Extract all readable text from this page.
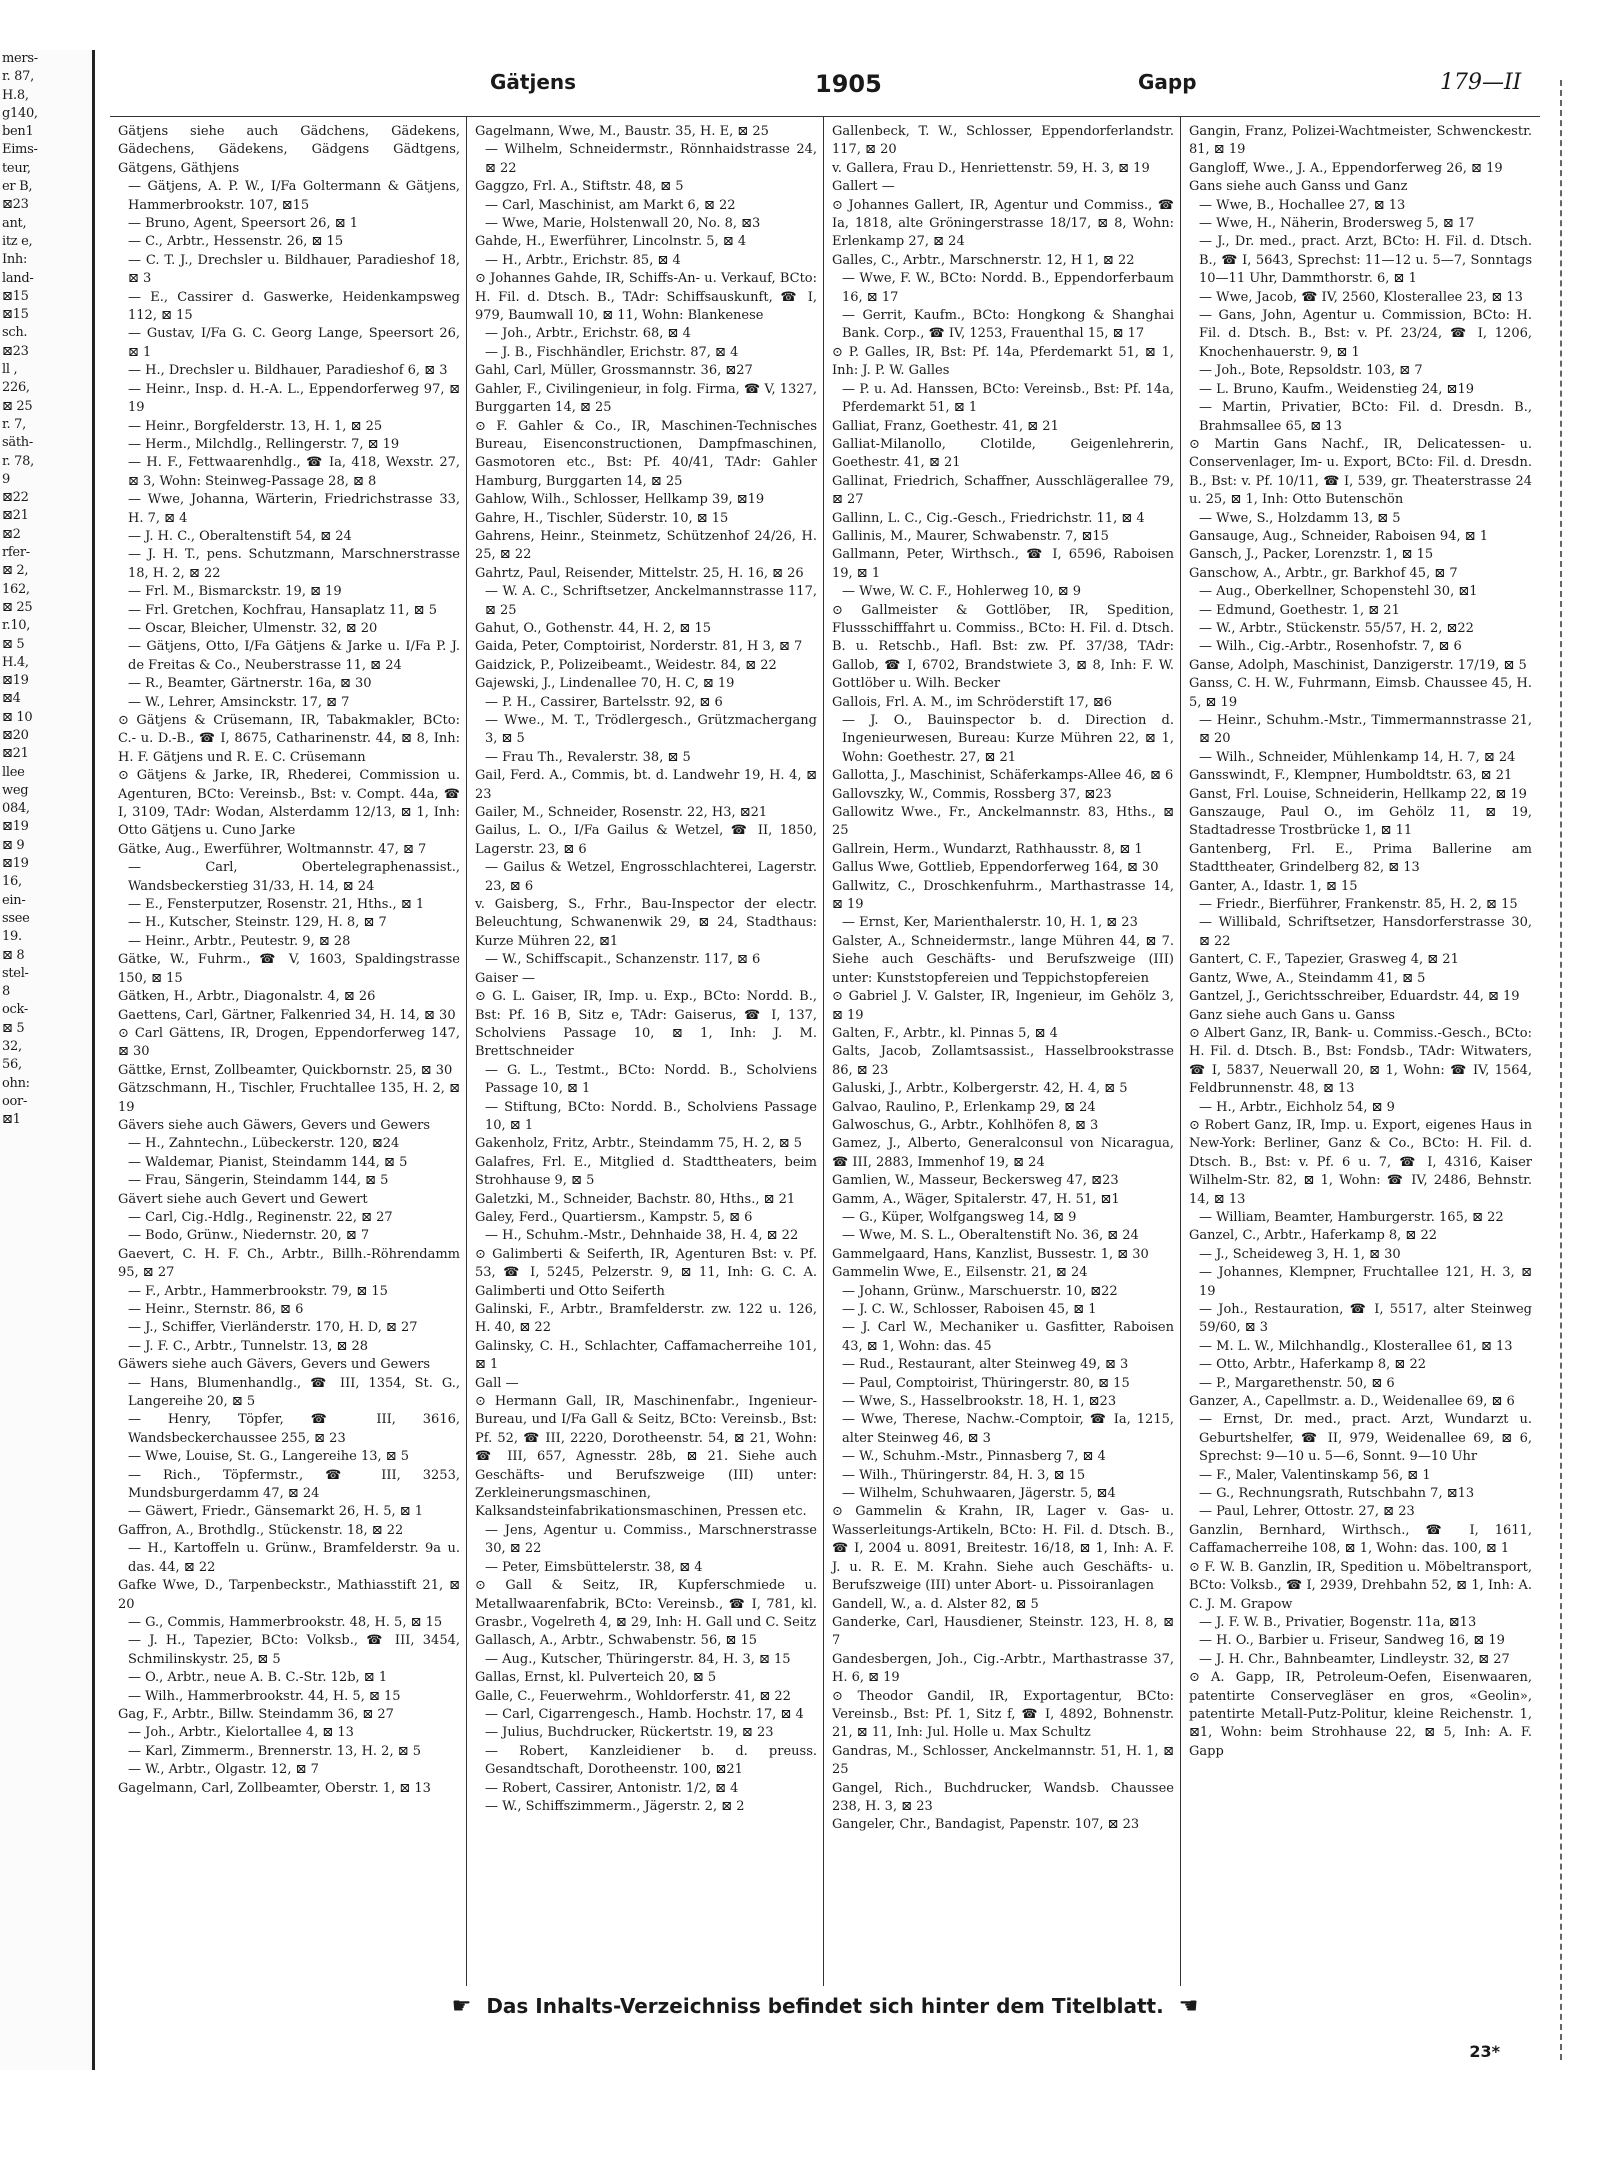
mers-
r. 87,
H.8,
g140,
ben1
Eims-
teur,
er B,
⊠23
ant,
itz e,
Inh:
land-
⊠15
⊠15
sch.
⊠23
ll ,
226,
⊠ 25
r. 7,
säth-
r. 78,
9
⊠22
⊠21
⊠2
rfer-
⊠ 2,
162,
⊠ 25
r.10,
⊠ 5
H.4,
⊠19
⊠4
⊠ 10
⊠20
⊠21
llee
weg
084,
⊠19
⊠ 9
⊠19
16,
ein-
ssee
19.
⊠ 8
stel-
8
ock-
⊠ 5
32,
56,
ohn:
oor-
⊠1
Gätjens	1905	Gapp	179—II
Gätjens siehe auch Gädchens, Gädekens, Gädechens, Gädekens, Gädgens Gädtgens, Gätgens, Gäthjens
— Gätjens, A. P. W., I/Fa Goltermann & Gätjens, Hammerbrookstr. 107, ⊠15
— Bruno, Agent, Speersort 26, ⊠ 1
— C., Arbtr., Hessenstr. 26, ⊠ 15
— C. T. J., Drechsler u. Bildhauer, Paradieshof 18, ⊠ 3
— E., Cassirer d. Gaswerke, Heidenkampsweg 112, ⊠ 15
— Gustav, I/Fa G. C. Georg Lange, Speersort 26, ⊠ 1
— H., Drechsler u. Bildhauer, Paradieshof 6, ⊠ 3
— Heinr., Insp. d. H.-A. L., Eppendorferweg 97, ⊠ 19
— Heinr., Borgfelderstr. 13, H. 1, ⊠ 25
— Herm., Milchdlg., Rellingerstr. 7, ⊠ 19
— H. F., Fettwaarenhdlg., ☎ Ia, 418, Wexstr. 27, ⊠ 3, Wohn: Steinweg-Passage 28, ⊠ 8
— Wwe, Johanna, Wärterin, Friedrichstrasse 33, H. 7, ⊠ 4
— J. H. C., Oberaltenstift 54, ⊠ 24
— J. H. T., pens. Schutzmann, Marschnerstrasse 18, H. 2, ⊠ 22
— Frl. M., Bismarckstr. 19, ⊠ 19
— Frl. Gretchen, Kochfrau, Hansaplatz 11, ⊠ 5
— Oscar, Bleicher, Ulmenstr. 32, ⊠ 20
— Gätjens, Otto, I/Fa Gätjens & Jarke u. I/Fa P. J. de Freitas & Co., Neuberstrasse 11, ⊠ 24
— R., Beamter, Gärtnerstr. 16a, ⊠ 30
— W., Lehrer, Amsinckstr. 17, ⊠ 7
⊙ Gätjens & Crüsemann, IR, Tabakmakler, BCto: C.- u. D.-B., ☎ I, 8675, Catharinenstr. 44, ⊠ 8, Inh: H. F. Gätjens und R. E. C. Crüsemann
⊙ Gätjens & Jarke, IR, Rhederei, Commission u. Agenturen, BCto: Vereinsb., Bst: v. Compt. 44a, ☎ I, 3109, TAdr: Wodan, Alsterdamm 12/13, ⊠ 1, Inh: Otto Gätjens u. Cuno Jarke
Gätke, Aug., Ewerführer, Woltmannstr. 47, ⊠ 7
— Carl, Obertelegraphenassist., Wandsbeckerstieg 31/33, H. 14, ⊠ 24
— E., Fensterputzer, Rosenstr. 21, Hths., ⊠ 1
— H., Kutscher, Steinstr. 129, H. 8, ⊠ 7
— Heinr., Arbtr., Peutestr. 9, ⊠ 28
Gätke, W., Fuhrm., ☎ V, 1603, Spaldingstrasse 150, ⊠ 15
Gätken, H., Arbtr., Diagonalstr. 4, ⊠ 26
Gaettens, Carl, Gärtner, Falkenried 34, H. 14, ⊠ 30
⊙ Carl Gättens, IR, Drogen, Eppendorferweg 147, ⊠ 30
Gättke, Ernst, Zollbeamter, Quickbornstr. 25, ⊠ 30
Gätzschmann, H., Tischler, Fruchtallee 135, H. 2, ⊠ 19
Gävers siehe auch Gäwers, Gevers und Gewers
— H., Zahntechn., Lübeckerstr. 120, ⊠24
— Waldemar, Pianist, Steindamm 144, ⊠ 5
— Frau, Sängerin, Steindamm 144, ⊠ 5
Gävert siehe auch Gevert und Gewert
— Carl, Cig.-Hdlg., Reginenstr. 22, ⊠ 27
— Bodo, Grünw., Niedernstr. 20, ⊠ 7
Gaevert, C. H. F. Ch., Arbtr., Billh.-Röhrendamm 95, ⊠ 27
— F., Arbtr., Hammerbrookstr. 79, ⊠ 15
— Heinr., Sternstr. 86, ⊠ 6
— J., Schiffer, Vierländerstr. 170, H. D, ⊠ 27
— J. F. C., Arbtr., Tunnelstr. 13, ⊠ 28
Gäwers siehe auch Gävers, Gevers und Gewers
— Hans, Blumenhandlg., ☎ III, 1354, St. G., Langereihe 20, ⊠ 5
— Henry, Töpfer, ☎ III, 3616, Wandsbeckerchaussee 255, ⊠ 23
— Wwe, Louise, St. G., Langereihe 13, ⊠ 5
— Rich., Töpfermstr., ☎ III, 3253, Mundsburgerdamm 47, ⊠ 24
— Gäwert, Friedr., Gänsemarkt 26, H. 5, ⊠ 1
Gaffron, A., Brothdlg., Stückenstr. 18, ⊠ 22
— H., Kartoffeln u. Grünw., Bramfelderstr. 9a u. das. 44, ⊠ 22
Gafke Wwe, D., Tarpenbeckstr., Mathiasstift 21, ⊠ 20
— G., Commis, Hammerbrookstr. 48, H. 5, ⊠ 15
— J. H., Tapezier, BCto: Volksb., ☎ III, 3454, Schmilinskystr. 25, ⊠ 5
— O., Arbtr., neue A. B. C.-Str. 12b, ⊠ 1
— Wilh., Hammerbrookstr. 44, H. 5, ⊠ 15
Gag, F., Arbtr., Billw. Steindamm 36, ⊠ 27
— Joh., Arbtr., Kielortallee 4, ⊠ 13
— Karl, Zimmerm., Brennerstr. 13, H. 2, ⊠ 5
— W., Arbtr., Olgastr. 12, ⊠ 7
Gagelmann, Carl, Zollbeamter, Oberstr. 1, ⊠ 13
Gagelmann, Wwe, M., Baustr. 35, H. E, ⊠ 25
— Wilhelm, Schneidermstr., Rönnhaidstrasse 24, ⊠ 22
Gaggzo, Frl. A., Stiftstr. 48, ⊠ 5
— Carl, Maschinist, am Markt 6, ⊠ 22
— Wwe, Marie, Holstenwall 20, No. 8, ⊠3
Gahde, H., Ewerführer, Lincolnstr. 5, ⊠ 4
— H., Arbtr., Erichstr. 85, ⊠ 4
⊙ Johannes Gahde, IR, Schiffs-An- u. Verkauf, BCto: H. Fil. d. Dtsch. B., TAdr: Schiffsauskunft, ☎ I, 979, Baumwall 10, ⊠ 11, Wohn: Blankenese
— Joh., Arbtr., Erichstr. 68, ⊠ 4
— J. B., Fischhändler, Erichstr. 87, ⊠ 4
Gahl, Carl, Müller, Grossmannstr. 36, ⊠27
Gahler, F., Civilingenieur, in folg. Firma, ☎ V, 1327, Burggarten 14, ⊠ 25
⊙ F. Gahler & Co., IR, Maschinen-Technisches Bureau, Eisenconstructionen, Dampfmaschinen, Gasmotoren etc., Bst: Pf. 40/41, TAdr: Gahler Hamburg, Burggarten 14, ⊠ 25
Gahlow, Wilh., Schlosser, Hellkamp 39, ⊠19
Gahre, H., Tischler, Süderstr. 10, ⊠ 15
Gahrens, Heinr., Steinmetz, Schützenhof 24/26, H. 25, ⊠ 22
Gahrtz, Paul, Reisender, Mittelstr. 25, H. 16, ⊠ 26
— W. A. C., Schriftsetzer, Anckelmannstrasse 117, ⊠ 25
Gahut, O., Gothenstr. 44, H. 2, ⊠ 15
Gaida, Peter, Comptoirist, Norderstr. 81, H 3, ⊠ 7
Gaidzick, P., Polizeibeamt., Weidestr. 84, ⊠ 22
Gajewski, J., Lindenallee 70, H. C, ⊠ 19
— P. H., Cassirer, Bartelsstr. 92, ⊠ 6
— Wwe., M. T., Trödlergesch., Grützmachergang 3, ⊠ 5
— Frau Th., Revalerstr. 38, ⊠ 5
Gail, Ferd. A., Commis, bt. d. Landwehr 19, H. 4, ⊠ 23
Gailer, M., Schneider, Rosenstr. 22, H3, ⊠21
Gailus, L. O., I/Fa Gailus & Wetzel, ☎ II, 1850, Lagerstr. 23, ⊠ 6
— Gailus & Wetzel, Engrosschlachterei, Lagerstr. 23, ⊠ 6
v. Gaisberg, S., Frhr., Bau-Inspector der electr. Beleuchtung, Schwanenwik 29, ⊠ 24, Stadthaus: Kurze Mühren 22, ⊠1
— W., Schiffscapit., Schanzenstr. 117, ⊠ 6
Gaiser —
⊙ G. L. Gaiser, IR, Imp. u. Exp., BCto: Nordd. B., Bst: Pf. 16 B, Sitz e, TAdr: Gaiserus, ☎ I, 137, Scholviens Passage 10, ⊠ 1, Inh: J. M. Brettschneider
— G. L., Testmt., BCto: Nordd. B., Scholviens Passage 10, ⊠ 1
— Stiftung, BCto: Nordd. B., Scholviens Passage 10, ⊠ 1
Gakenholz, Fritz, Arbtr., Steindamm 75, H. 2, ⊠ 5
Galafres, Frl. E., Mitglied d. Stadttheaters, beim Strohhause 9, ⊠ 5
Galetzki, M., Schneider, Bachstr. 80, Hths., ⊠ 21
Galey, Ferd., Quartiersm., Kampstr. 5, ⊠ 6
— H., Schuhm.-Mstr., Dehnhaide 38, H. 4, ⊠ 22
⊙ Galimberti & Seiferth, IR, Agenturen Bst: v. Pf. 53, ☎ I, 5245, Pelzerstr. 9, ⊠ 11, Inh: G. C. A. Galimberti und Otto Seiferth
Galinski, F., Arbtr., Bramfelderstr. zw. 122 u. 126, H. 40, ⊠ 22
Galinsky, C. H., Schlachter, Caffamacherreihe 101, ⊠ 1
Gall —
⊙ Hermann Gall, IR, Maschinenfabr., Ingenieur-Bureau, und I/Fa Gall & Seitz, BCto: Vereinsb., Bst: Pf. 52, ☎ III, 2220, Dorotheenstr. 54, ⊠ 21, Wohn: ☎ III, 657, Agnesstr. 28b, ⊠ 21. Siehe auch Geschäfts- und Berufszweige (III) unter: Zerkleinerungsmaschinen, Kalksandsteinfabrikationsmaschinen, Pressen etc.
— Jens, Agentur u. Commiss., Marschnerstrasse 30, ⊠ 22
— Peter, Eimsbüttelerstr. 38, ⊠ 4
⊙ Gall & Seitz, IR, Kupferschmiede u. Metallwaarenfabrik, BCto: Vereinsb., ☎ I, 781, kl. Grasbr., Vogelreth 4, ⊠ 29, Inh: H. Gall und C. Seitz
Gallasch, A., Arbtr., Schwabenstr. 56, ⊠ 15
— Aug., Kutscher, Thüringerstr. 84, H. 3, ⊠ 15
Gallas, Ernst, kl. Pulverteich 20, ⊠ 5
Galle, C., Feuerwehrm., Wohldorferstr. 41, ⊠ 22
— Carl, Cigarrengesch., Hamb. Hochstr. 17, ⊠ 4
— Julius, Buchdrucker, Rückertstr. 19, ⊠ 23
— Robert, Kanzleidiener b. d. preuss. Gesandtschaft, Dorotheenstr. 100, ⊠21
— Robert, Cassirer, Antonistr. 1/2, ⊠ 4
— W., Schiffszimmerm., Jägerstr. 2, ⊠ 2
Gallenbeck, T. W., Schlosser, Eppendorferlandstr. 117, ⊠ 20
v. Gallera, Frau D., Henriettenstr. 59, H. 3, ⊠ 19
Gallert —
⊙ Johannes Gallert, IR, Agentur und Commiss., ☎ Ia, 1818, alte Gröningerstrasse 18/17, ⊠ 8, Wohn: Erlenkamp 27, ⊠ 24
Galles, C., Arbtr., Marschnerstr. 12, H 1, ⊠ 22
— Wwe, F. W., BCto: Nordd. B., Eppendorferbaum 16, ⊠ 17
— Gerrit, Kaufm., BCto: Hongkong & Shanghai Bank. Corp., ☎ IV, 1253, Frauenthal 15, ⊠ 17
⊙ P. Galles, IR, Bst: Pf. 14a, Pferdemarkt 51, ⊠ 1, Inh: J. P. W. Galles
— P. u. Ad. Hanssen, BCto: Vereinsb., Bst: Pf. 14a, Pferdemarkt 51, ⊠ 1
Galliat, Franz, Goethestr. 41, ⊠ 21
Galliat-Milanollo, Clotilde, Geigenlehrerin, Goethestr. 41, ⊠ 21
Gallinat, Friedrich, Schaffner, Ausschlägerallee 79, ⊠ 27
Gallinn, L. C., Cig.-Gesch., Friedrichstr. 11, ⊠ 4
Gallinis, M., Maurer, Schwabenstr. 7, ⊠15
Gallmann, Peter, Wirthsch., ☎ I, 6596, Raboisen 19, ⊠ 1
— Wwe, W. C. F., Hohlerweg 10, ⊠ 9
⊙ Gallmeister & Gottlöber, IR, Spedition, Flussschifffahrt u. Commiss., BCto: H. Fil. d. Dtsch. B. u. Retschb., Hafl. Bst: zw. Pf. 37/38, TAdr: Gallob, ☎ I, 6702, Brandstwiete 3, ⊠ 8, Inh: F. W. Gottlöber u. Wilh. Becker
Gallois, Frl. A. M., im Schröderstift 17, ⊠6
— J. O., Bauinspector b. d. Direction d. Ingenieurwesen, Bureau: Kurze Mühren 22, ⊠ 1, Wohn: Goethestr. 27, ⊠ 21
Gallotta, J., Maschinist, Schäferkamps-Allee 46, ⊠ 6
Gallovszky, W., Commis, Rossberg 37, ⊠23
Gallowitz Wwe., Fr., Anckelmannstr. 83, Hths., ⊠ 25
Gallrein, Herm., Wundarzt, Rathhausstr. 8, ⊠ 1
Gallus Wwe, Gottlieb, Eppendorferweg 164, ⊠ 30
Gallwitz, C., Droschkenfuhrm., Marthastrasse 14, ⊠ 19
— Ernst, Ker, Marienthalerstr. 10, H. 1, ⊠ 23
Galster, A., Schneidermstr., lange Mühren 44, ⊠ 7. Siehe auch Geschäfts- und Berufszweige (III) unter: Kunststopfereien und Teppichstopfereien
⊙ Gabriel J. V. Galster, IR, Ingenieur, im Gehölz 3, ⊠ 19
Galten, F., Arbtr., kl. Pinnas 5, ⊠ 4
Galts, Jacob, Zollamtsassist., Hasselbrookstrasse 86, ⊠ 23
Galuski, J., Arbtr., Kolbergerstr. 42, H. 4, ⊠ 5
Galvao, Raulino, P., Erlenkamp 29, ⊠ 24
Galwoschus, G., Arbtr., Kohlhöfen 8, ⊠ 3
Gamez, J., Alberto, Generalconsul von Nicaragua, ☎ III, 2883, Immenhof 19, ⊠ 24
Gamlien, W., Masseur, Beckersweg 47, ⊠23
Gamm, A., Wäger, Spitalerstr. 47, H. 51, ⊠1
— G., Küper, Wolfgangsweg 14, ⊠ 9
— Wwe, M. S. L., Oberaltenstift No. 36, ⊠ 24
Gammelgaard, Hans, Kanzlist, Bussestr. 1, ⊠ 30
Gammelin Wwe, E., Eilsenstr. 21, ⊠ 24
— Johann, Grünw., Marschuerstr. 10, ⊠22
— J. C. W., Schlosser, Raboisen 45, ⊠ 1
— J. Carl W., Mechaniker u. Gasfitter, Raboisen 43, ⊠ 1, Wohn: das. 45
— Rud., Restaurant, alter Steinweg 49, ⊠ 3
— Paul, Comptoirist, Thüringerstr. 80, ⊠ 15
— Wwe, S., Hasselbrookstr. 18, H. 1, ⊠23
— Wwe, Therese, Nachw.-Comptoir, ☎ Ia, 1215, alter Steinweg 46, ⊠ 3
— W., Schuhm.-Mstr., Pinnasberg 7, ⊠ 4
— Wilh., Thüringerstr. 84, H. 3, ⊠ 15
— Wilhelm, Schuhwaaren, Jägerstr. 5, ⊠4
⊙ Gammelin & Krahn, IR, Lager v. Gas- u. Wasserleitungs-Artikeln, BCto: H. Fil. d. Dtsch. B., ☎ I, 2004 u. 8091, Breitestr. 16/18, ⊠ 1, Inh: A. F. J. u. R. E. M. Krahn. Siehe auch Geschäfts- u. Berufszweige (III) unter Abort- u. Pissoiranlagen
Gandell, W., a. d. Alster 82, ⊠ 5
Ganderke, Carl, Hausdiener, Steinstr. 123, H. 8, ⊠ 7
Gandesbergen, Joh., Cig.-Arbtr., Marthastrasse 37, H. 6, ⊠ 19
⊙ Theodor Gandil, IR, Exportagentur, BCto: Vereinsb., Bst: Pf. 1, Sitz f, ☎ I, 4892, Bohnenstr. 21, ⊠ 11, Inh: Jul. Holle u. Max Schultz
Gandras, M., Schlosser, Anckelmannstr. 51, H. 1, ⊠ 25
Gangel, Rich., Buchdrucker, Wandsb. Chaussee 238, H. 3, ⊠ 23
Gangeler, Chr., Bandagist, Papenstr. 107, ⊠ 23
Gangin, Franz, Polizei-Wachtmeister, Schwenckestr. 81, ⊠ 19
Gangloff, Wwe., J. A., Eppendorferweg 26, ⊠ 19
Gans siehe auch Ganss und Ganz
— Wwe, B., Hochallee 27, ⊠ 13
— Wwe, H., Näherin, Brodersweg 5, ⊠ 17
— J., Dr. med., pract. Arzt, BCto: H. Fil. d. Dtsch. B., ☎ I, 5643, Sprechst: 11—12 u. 5—7, Sonntags 10—11 Uhr, Dammthorstr. 6, ⊠ 1
— Wwe, Jacob, ☎ IV, 2560, Klosterallee 23, ⊠ 13
— Gans, John, Agentur u. Commission, BCto: H. Fil. d. Dtsch. B., Bst: v. Pf. 23/24, ☎ I, 1206, Knochenhauerstr. 9, ⊠ 1
— Joh., Bote, Repsoldstr. 103, ⊠ 7
— L. Bruno, Kaufm., Weidenstieg 24, ⊠19
— Martin, Privatier, BCto: Fil. d. Dresdn. B., Brahmsallee 65, ⊠ 13
⊙ Martin Gans Nachf., IR, Delicatessen- u. Conservenlager, Im- u. Export, BCto: Fil. d. Dresdn. B., Bst: v. Pf. 10/11, ☎ I, 539, gr. Theaterstrasse 24 u. 25, ⊠ 1, Inh: Otto Butenschön
— Wwe, S., Holzdamm 13, ⊠ 5
Gansauge, Aug., Schneider, Raboisen 94, ⊠ 1
Gansch, J., Packer, Lorenzstr. 1, ⊠ 15
Ganschow, A., Arbtr., gr. Barkhof 45, ⊠ 7
— Aug., Oberkellner, Schopenstehl 30, ⊠1
— Edmund, Goethestr. 1, ⊠ 21
— W., Arbtr., Stückenstr. 55/57, H. 2, ⊠22
— Wilh., Cig.-Arbtr., Rosenhofstr. 7, ⊠ 6
Ganse, Adolph, Maschinist, Danzigerstr. 17/19, ⊠ 5
Ganss, C. H. W., Fuhrmann, Eimsb. Chaussee 45, H. 5, ⊠ 19
— Heinr., Schuhm.-Mstr., Timmermannstrasse 21, ⊠ 20
— Wilh., Schneider, Mühlenkamp 14, H. 7, ⊠ 24
Gansswindt, F., Klempner, Humboldtstr. 63, ⊠ 21
Ganst, Frl. Louise, Schneiderin, Hellkamp 22, ⊠ 19
Ganszauge, Paul O., im Gehölz 11, ⊠ 19, Stadtadresse Trostbrücke 1, ⊠ 11
Gantenberg, Frl. E., Prima Ballerine am Stadttheater, Grindelberg 82, ⊠ 13
Ganter, A., Idastr. 1, ⊠ 15
— Friedr., Bierführer, Frankenstr. 85, H. 2, ⊠ 15
— Willibald, Schriftsetzer, Hansdorferstrasse 30, ⊠ 22
Gantert, C. F., Tapezier, Grasweg 4, ⊠ 21
Gantz, Wwe, A., Steindamm 41, ⊠ 5
Gantzel, J., Gerichtsschreiber, Eduardstr. 44, ⊠ 19
Ganz siehe auch Gans u. Ganss
⊙ Albert Ganz, IR, Bank- u. Commiss.-Gesch., BCto: H. Fil. d. Dtsch. B., Bst: Fondsb., TAdr: Witwaters, ☎ I, 5837, Neuerwall 20, ⊠ 1, Wohn: ☎ IV, 1564, Feldbrunnenstr. 48, ⊠ 13
— H., Arbtr., Eichholz 54, ⊠ 9
⊙ Robert Ganz, IR, Imp. u. Export, eigenes Haus in New-York: Berliner, Ganz & Co., BCto: H. Fil. d. Dtsch. B., Bst: v. Pf. 6 u. 7, ☎ I, 4316, Kaiser Wilhelm-Str. 82, ⊠ 1, Wohn: ☎ IV, 2486, Behnstr. 14, ⊠ 13
— William, Beamter, Hamburgerstr. 165, ⊠ 22
Ganzel, C., Arbtr., Haferkamp 8, ⊠ 22
— J., Scheideweg 3, H. 1, ⊠ 30
— Johannes, Klempner, Fruchtallee 121, H. 3, ⊠ 19
— Joh., Restauration, ☎ I, 5517, alter Steinweg 59/60, ⊠ 3
— M. L. W., Milchhandlg., Klosterallee 61, ⊠ 13
— Otto, Arbtr., Haferkamp 8, ⊠ 22
— P., Margarethenstr. 50, ⊠ 6
Ganzer, A., Capellmstr. a. D., Weidenallee 69, ⊠ 6
— Ernst, Dr. med., pract. Arzt, Wundarzt u. Geburtshelfer, ☎ II, 979, Weidenallee 69, ⊠ 6, Sprechst: 9—10 u. 5—6, Sonnt. 9—10 Uhr
— F., Maler, Valentinskamp 56, ⊠ 1
— G., Rechnungsrath, Rutschbahn 7, ⊠13
— Paul, Lehrer, Ottostr. 27, ⊠ 23
Ganzlin, Bernhard, Wirthsch., ☎ I, 1611, Caffamacherreihe 108, ⊠ 1, Wohn: das. 100, ⊠ 1
⊙ F. W. B. Ganzlin, IR, Spedition u. Möbeltransport, BCto: Volksb., ☎ I, 2939, Drehbahn 52, ⊠ 1, Inh: A. C. J. M. Grapow
— J. F. W. B., Privatier, Bogenstr. 11a, ⊠13
— H. O., Barbier u. Friseur, Sandweg 16, ⊠ 19
— J. H. Chr., Bahnbeamter, Lindleystr. 32, ⊠ 27
⊙ A. Gapp, IR, Petroleum-Oefen, Eisenwaaren, patentirte Conservegläser en gros, «Geolin», patentirte Metall-Putz-Politur, kleine Reichenstr. 1, ⊠1, Wohn: beim Strohhause 22, ⊠ 5, Inh: A. F. Gapp
☛ Das Inhalts-Verzeichniss befindet sich hinter dem Titelblatt. ☚
23*
